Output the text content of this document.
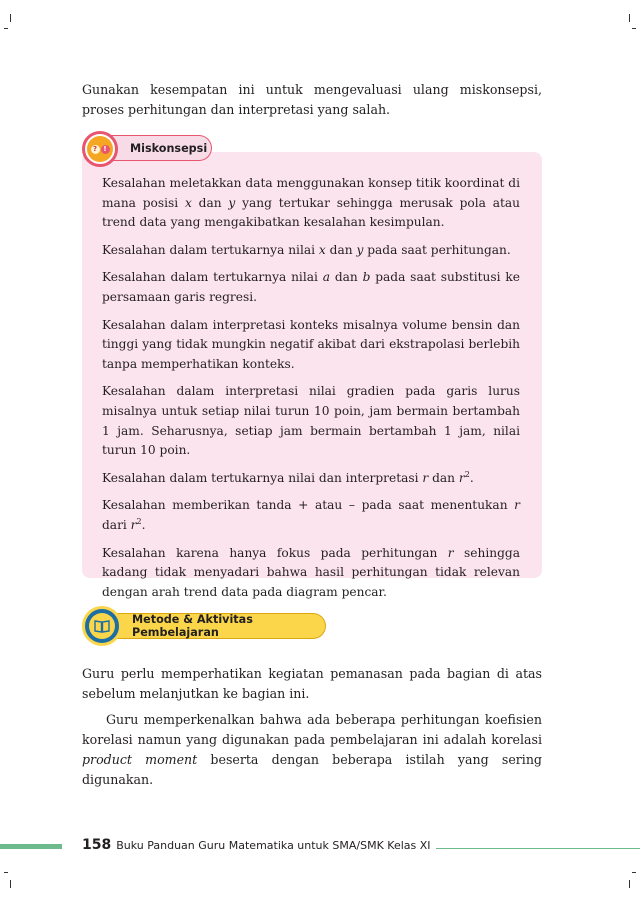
Gunakan kesempatan ini untuk mengevaluasi ulang miskonsepsi, proses perhitungan dan interpretasi yang salah.

Miskonsepsi
? !

Kesalahan meletakkan data menggunakan konsep titik koordinat di mana posisi x dan y yang tertukar sehingga merusak pola atau trend data yang mengakibatkan kesalahan kesimpulan.

Kesalahan dalam tertukarnya nilai x dan y pada saat perhitungan.

Kesalahan dalam tertukarnya nilai a dan b pada saat substitusi ke persamaan garis regresi.

Kesalahan dalam interpretasi konteks misalnya volume bensin dan tinggi yang tidak mungkin negatif akibat dari ekstrapolasi berlebih tanpa memperhatikan konteks.

Kesalahan dalam interpretasi nilai gradien pada garis lurus misalnya untuk setiap nilai turun 10 poin, jam bermain bertambah 1 jam. Seharusnya, setiap jam bermain bertambah 1 jam, nilai turun 10 poin.

Kesalahan dalam tertukarnya nilai dan interpretasi r dan $r^2$.

Kesalahan memberikan tanda + atau – pada saat menentukan r dari $r^2$.

Kesalahan karena hanya fokus pada perhitungan r sehingga kadang tidak menyadari bahwa hasil perhitungan tidak relevan dengan arah trend data pada diagram pencar.

Metode & Aktivitas Pembelajaran

Guru perlu memperhatikan kegiatan pemanasan pada bagian di atas sebelum melanjutkan ke bagian ini.

Guru memperkenalkan bahwa ada beberapa perhitungan koefisien korelasi namun yang digunakan pada pembelajaran ini adalah korelasi product moment beserta dengan beberapa istilah yang sering digunakan.

158 Buku Panduan Guru Matematika untuk SMA/SMK Kelas XI
